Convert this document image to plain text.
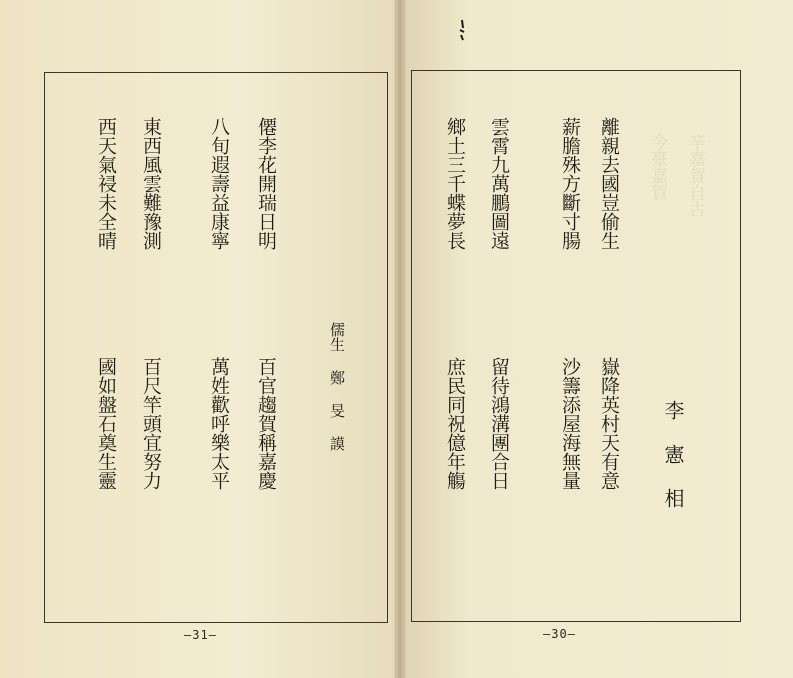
辛嘉賀自古
今臺嘉賀
僊李花開瑞日明
八旬遐壽益康寧
東西風雲難豫測
西天氣祲未全晴
百官趨賀稱嘉慶
萬姓歡呼樂太平
百尺竿頭宜努力
國如盤石奠生靈	儒生 鄭 旻 謨
—31—
離親去國豈偷生
薪膽殊方斷寸腸
雲霄九萬鵬圖遠
鄉土三千蝶夢長
嶽降英村天有意
沙籌添屋海無量
留待鴻溝團合日
庶民同祝億年觴
—30—
